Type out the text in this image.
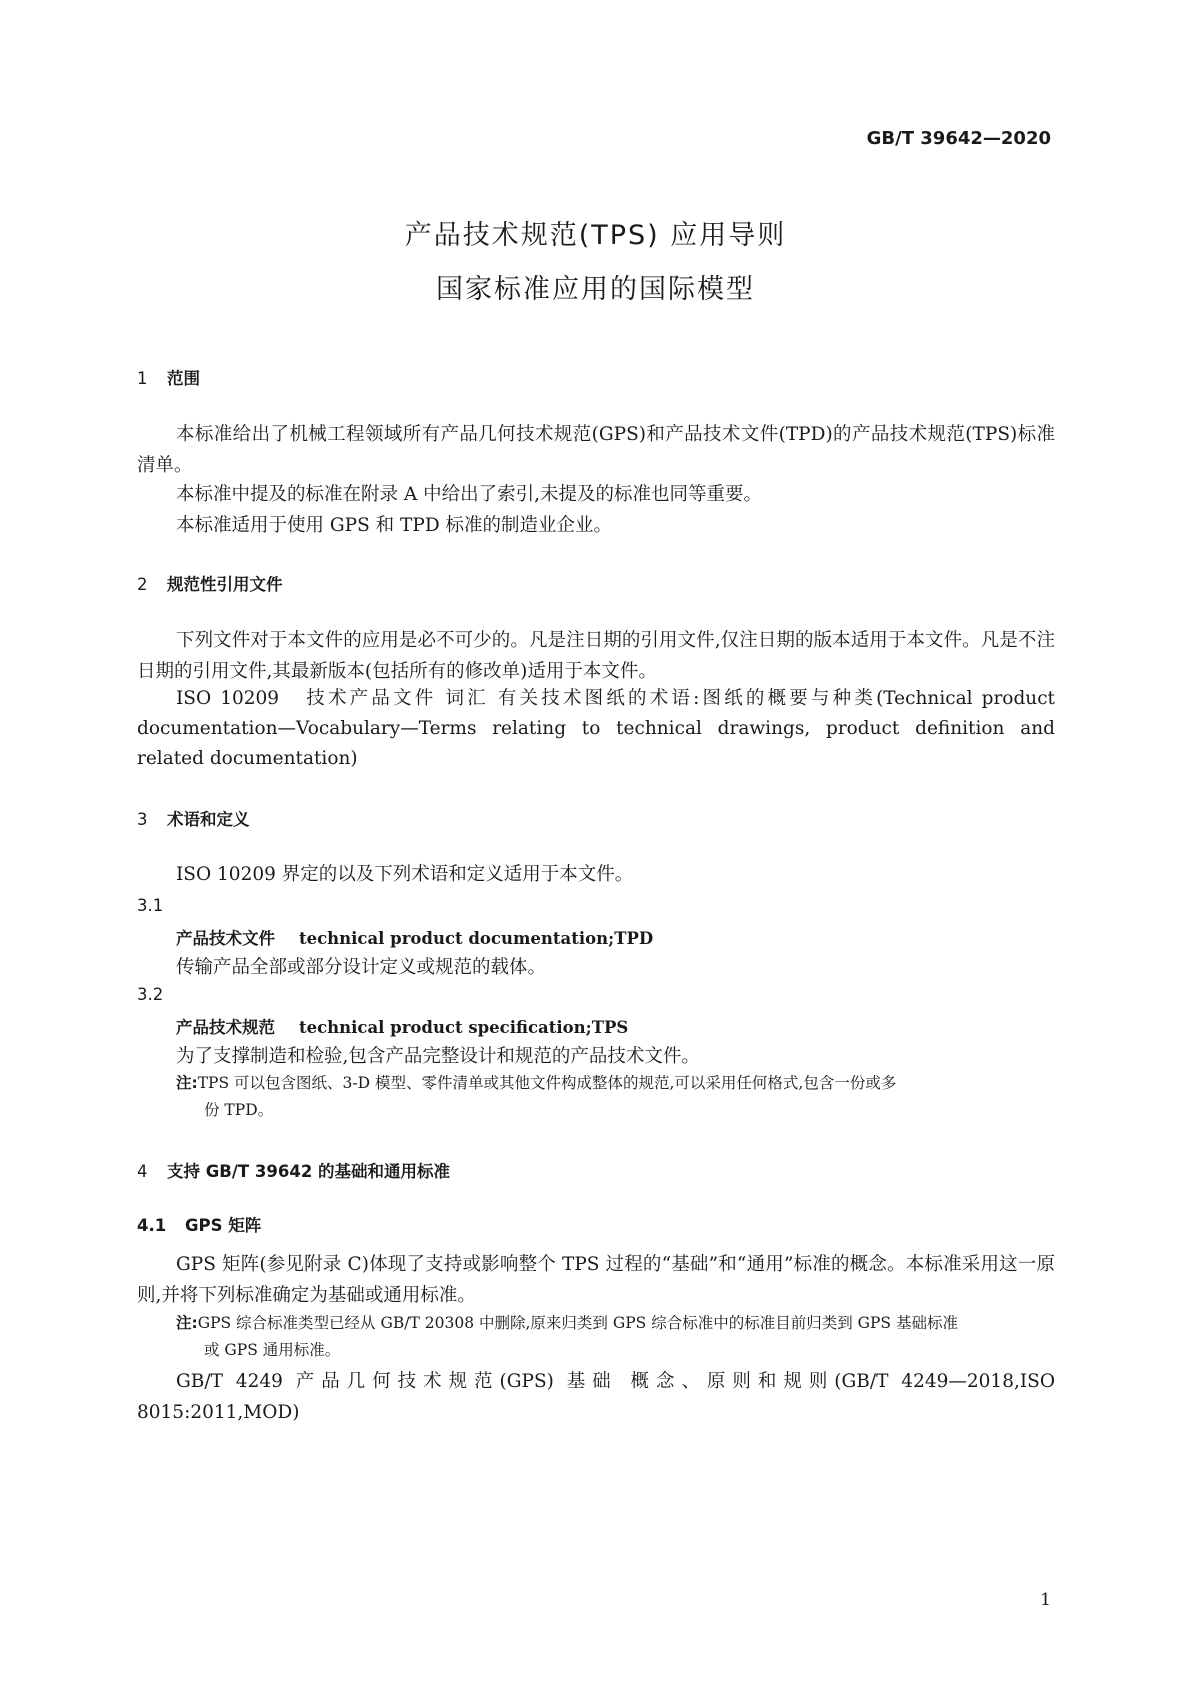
GB/T 39642—2020
产品技术规范(TPS) 应用导则
国家标准应用的国际模型
1 范围
本标准给出了机械工程领域所有产品几何技术规范(GPS)和产品技术文件(TPD)的产品技术规范(TPS)标准清单。
本标准中提及的标准在附录 A 中给出了索引,未提及的标准也同等重要。
本标准适用于使用 GPS 和 TPD 标准的制造业企业。
2 规范性引用文件
下列文件对于本文件的应用是必不可少的。凡是注日期的引用文件,仅注日期的版本适用于本文件。凡是不注日期的引用文件,其最新版本(包括所有的修改单)适用于本文件。
ISO 10209 技术产品文件 词汇 有关技术图纸的术语:图纸的概要与种类(Technical product documentation—Vocabulary—Terms relating to technical drawings, product definition and related documentation)
3 术语和定义
ISO 10209 界定的以及下列术语和定义适用于本文件。
3.1
产品技术文件 technical product documentation;TPD
传输产品全部或部分设计定义或规范的载体。
3.2
产品技术规范 technical product specification;TPS
为了支撑制造和检验,包含产品完整设计和规范的产品技术文件。
注:TPS 可以包含图纸、3-D 模型、零件清单或其他文件构成整体的规范,可以采用任何格式,包含一份或多
份 TPD。
4 支持 GB/T 39642 的基础和通用标准
4.1 GPS 矩阵
GPS 矩阵(参见附录 C)体现了支持或影响整个 TPS 过程的“基础”和“通用”标准的概念。本标准采用这一原则,并将下列标准确定为基础或通用标准。
注:GPS 综合标准类型已经从 GB/T 20308 中删除,原来归类到 GPS 综合标准中的标准目前归类到 GPS 基础标准
或 GPS 通用标准。
GB/T 4249 产品几何技术规范(GPS) 基础 概念、原则和规则(GB/T 4249—2018,ISO 8015:2011,MOD)
1
